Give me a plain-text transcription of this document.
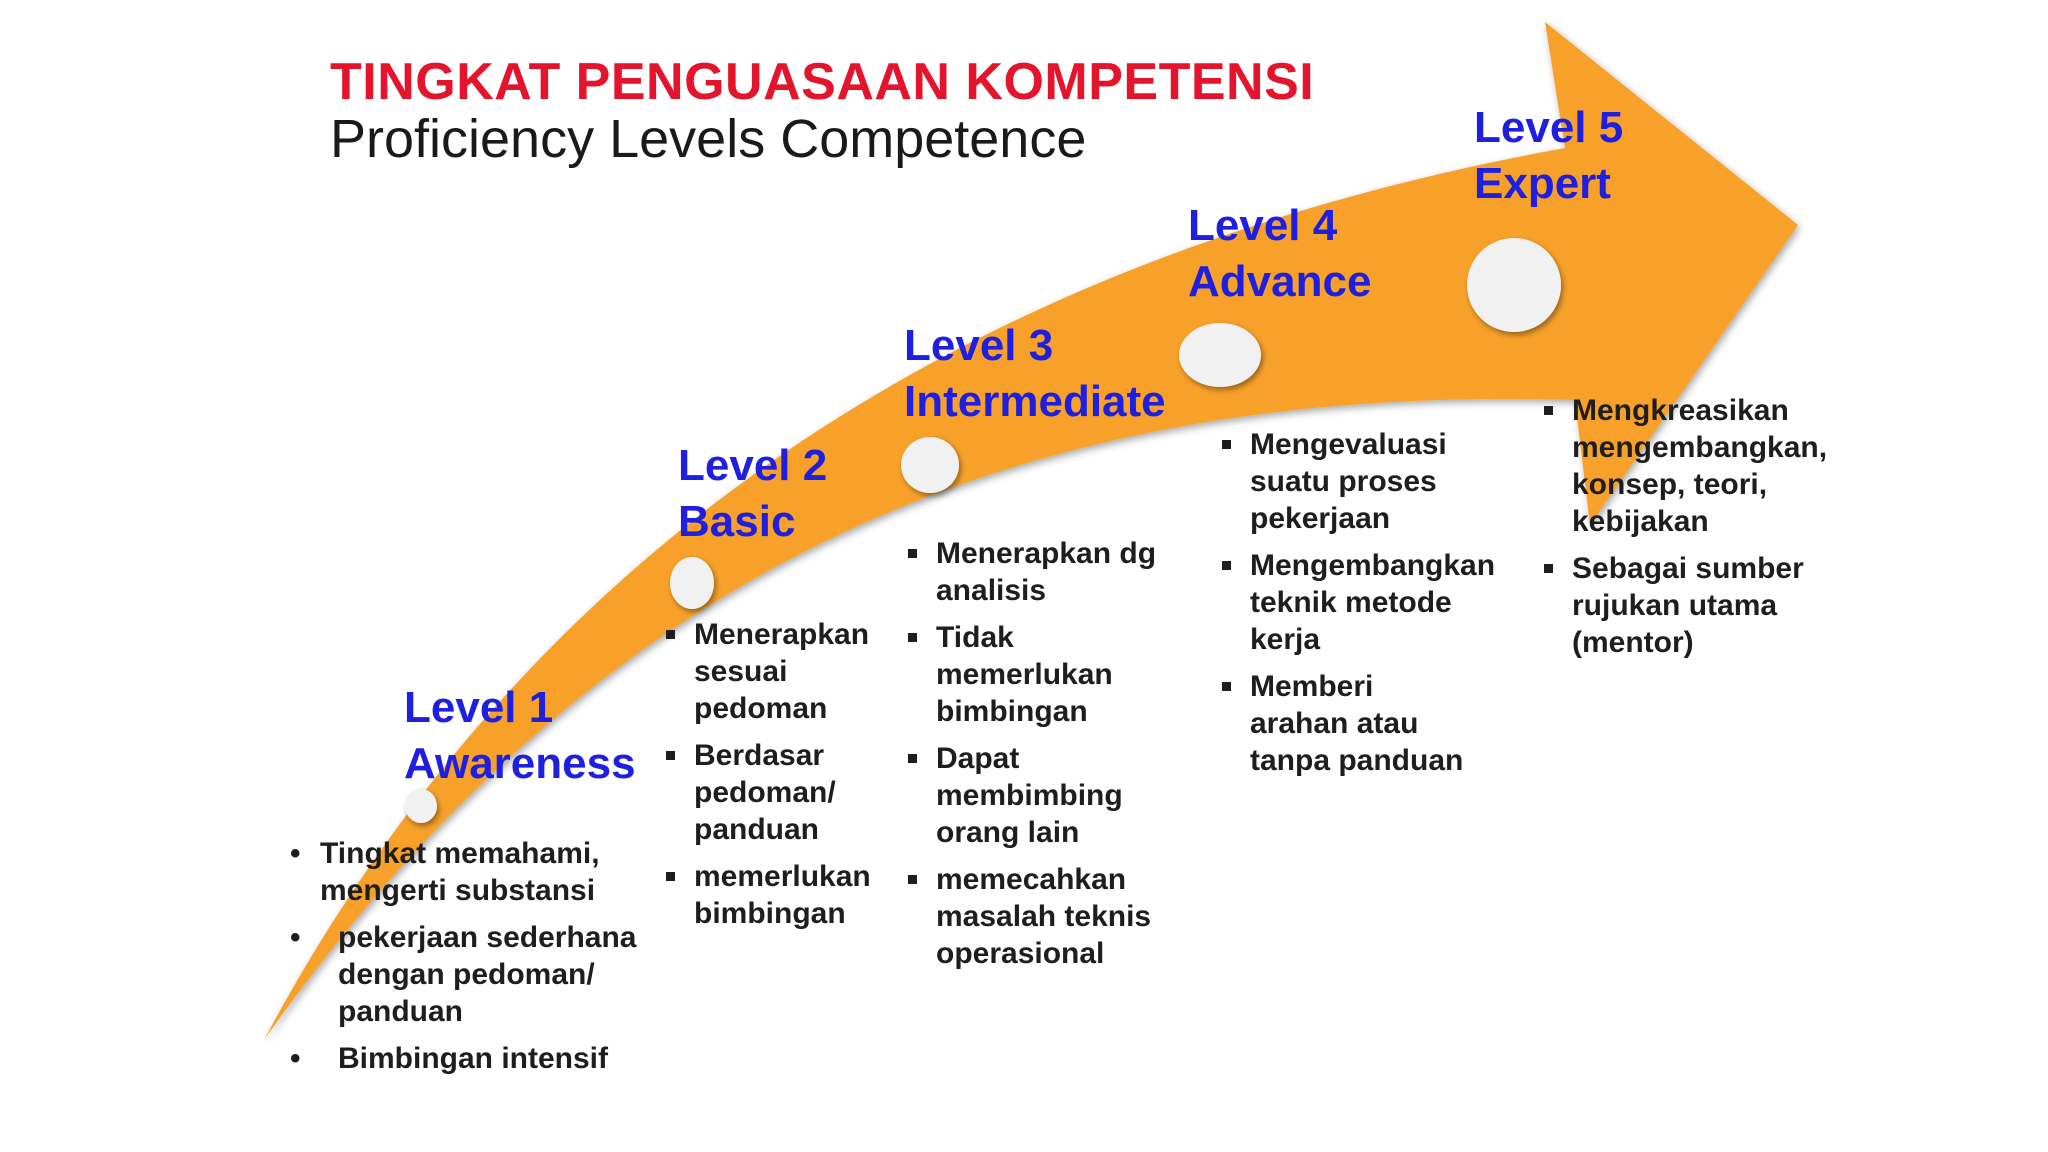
TINGKAT PENGUASAAN KOMPETENSI
Proficiency Levels Competence
Level 1
Awareness
• Tingkat memahami, mengerti substansi
• pekerjaan sederhana dengan pedoman/ panduan
• Bimbingan intensif
Level 2
Basic
Menerapkan sesuai pedoman
Berdasar pedoman/ panduan
memerlukan bimbingan
Level 3
Intermediate
Menerapkan dg analisis
Tidak memerlukan bimbingan
Dapat membimbing orang lain
memecahkan masalah teknis operasional
Level 4
Advance
Mengevaluasi suatu proses pekerjaan
Mengembangkan teknik metode kerja
Memberi arahan atau tanpa panduan
Level 5
Expert
Mengkreasikan mengembangkan, konsep, teori, kebijakan
Sebagai sumber rujukan utama (mentor)
